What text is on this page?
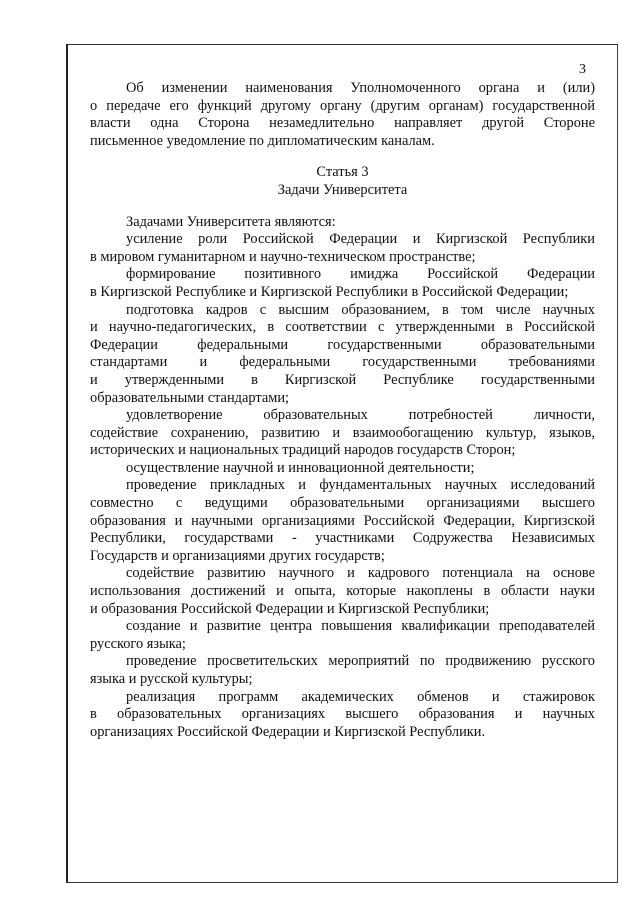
3
Об изменении наименования Уполномоченного органа и (или)
о передаче его функций другому органу (другим органам) государственной
власти одна Сторона незамедлительно направляет другой Стороне
письменное уведомление по дипломатическим каналам.
Статья 3
Задачи Университета
Задачами Университета являются:
усиление роли Российской Федерации и Киргизской Республики
в мировом гуманитарном и научно-техническом пространстве;
формирование позитивного имиджа Российской Федерации
в Киргизской Республике и Киргизской Республики в Российской Федерации;
подготовка кадров с высшим образованием, в том числе научных
и научно-педагогических, в соответствии с утвержденными в Российской
Федерации федеральными государственными образовательными
стандартами и федеральными государственными требованиями
и утвержденными в Киргизской Республике государственными
образовательными стандартами;
удовлетворение образовательных потребностей личности,
содействие сохранению, развитию и взаимообогащению культур, языков,
исторических и национальных традиций народов государств Сторон;
осуществление научной и инновационной деятельности;
проведение прикладных и фундаментальных научных исследований
совместно с ведущими образовательными организациями высшего
образования и научными организациями Российской Федерации, Киргизской
Республики, государствами - участниками Содружества Независимых
Государств и организациями других государств;
содействие развитию научного и кадрового потенциала на основе
использования достижений и опыта, которые накоплены в области науки
и образования Российской Федерации и Киргизской Республики;
создание и развитие центра повышения квалификации преподавателей
русского языка;
проведение просветительских мероприятий по продвижению русского
языка и русской культуры;
реализация программ академических обменов и стажировок
в образовательных организациях высшего образования и научных
организациях Российской Федерации и Киргизской Республики.
